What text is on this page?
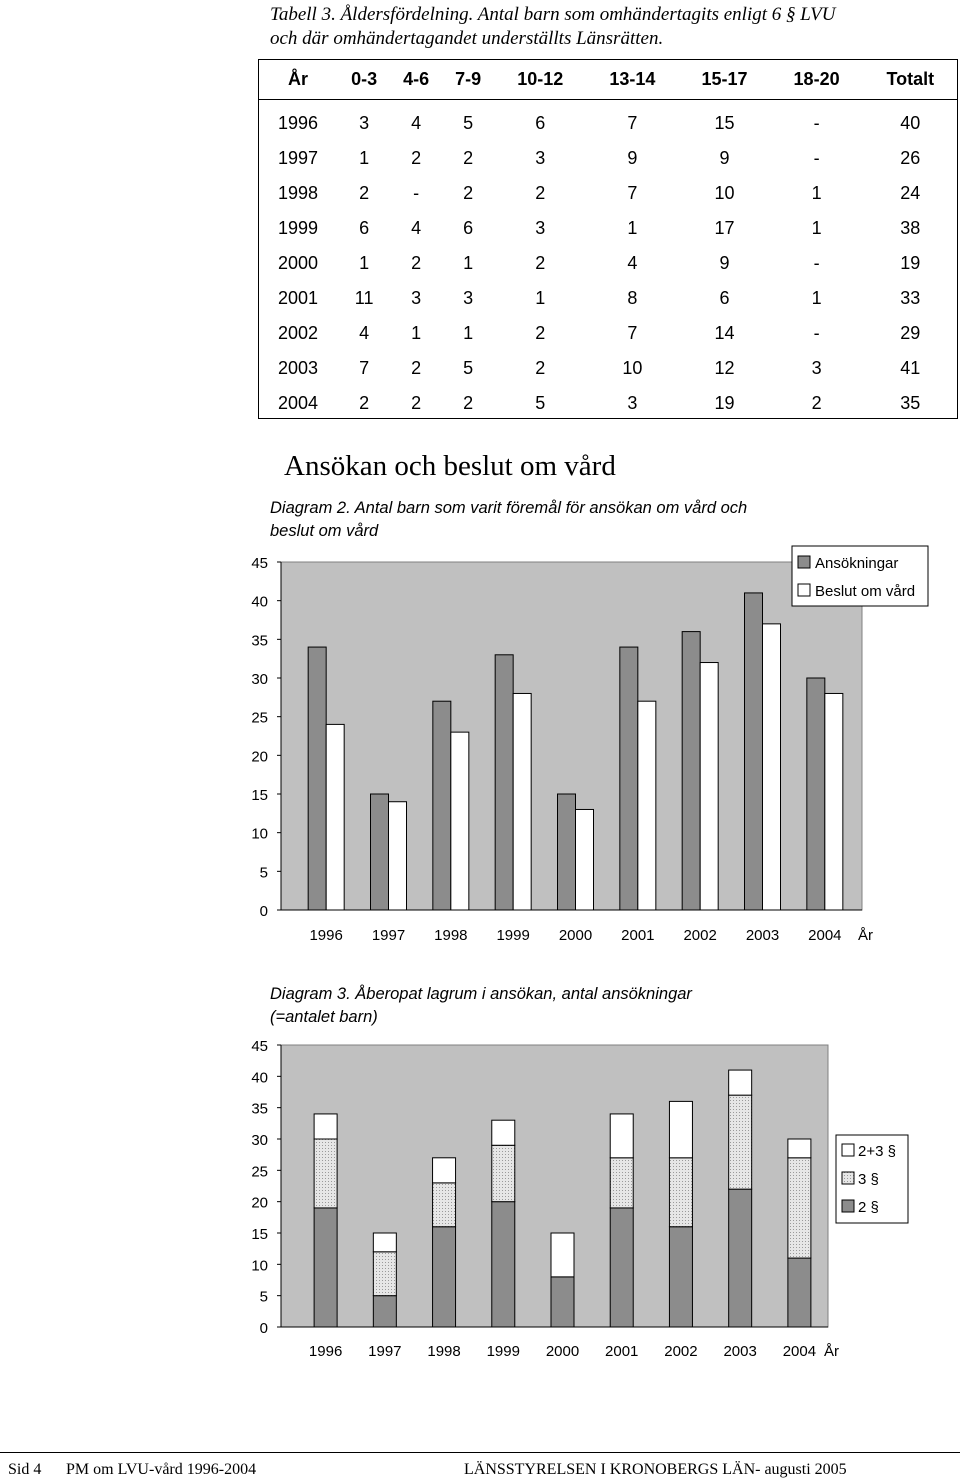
Tabell 3. Åldersfördelning. Antal barn som omhändertagits enligt 6 § LVU
och där omhändertagandet underställts Länsrätten.
År	0-3	4-6	7-9	10-12	13-14	15-17	18-20	Totalt
1996	3	4	5	6	7	15	-	40
1997	1	2	2	3	9	9	-	26
1998	2	-	2	2	7	10	1	24
1999	6	4	6	3	1	17	1	38
2000	1	2	1	2	4	9	-	19
2001	11	3	3	1	8	6	1	33
2002	4	1	1	2	7	14	-	29
2003	7	2	5	2	10	12	3	41
2004	2	2	2	5	3	19	2	35
Ansökan och beslut om vård
Diagram 2. Antal barn som varit föremål för ansökan om vård och
beslut om vård
0
5
10
15
20
25
30
35
40
45
1996 1997 1998 1999 2000 2001 2002 2003 2004 År
Ansökningar
Beslut om vård
Diagram 3. Åberopat lagrum i ansökan, antal ansökningar
(=antalet barn)
0
5
10
15
20
25
30
35
40
45
1996 1997 1998 1999 2000 2001 2002 2003 2004 År
2+3 §
3 §
2 §
Sid 4 PM om LVU-vård 1996-2004	LÄNSSTYRELSEN I KRONOBERGS LÄN- augusti 2005
